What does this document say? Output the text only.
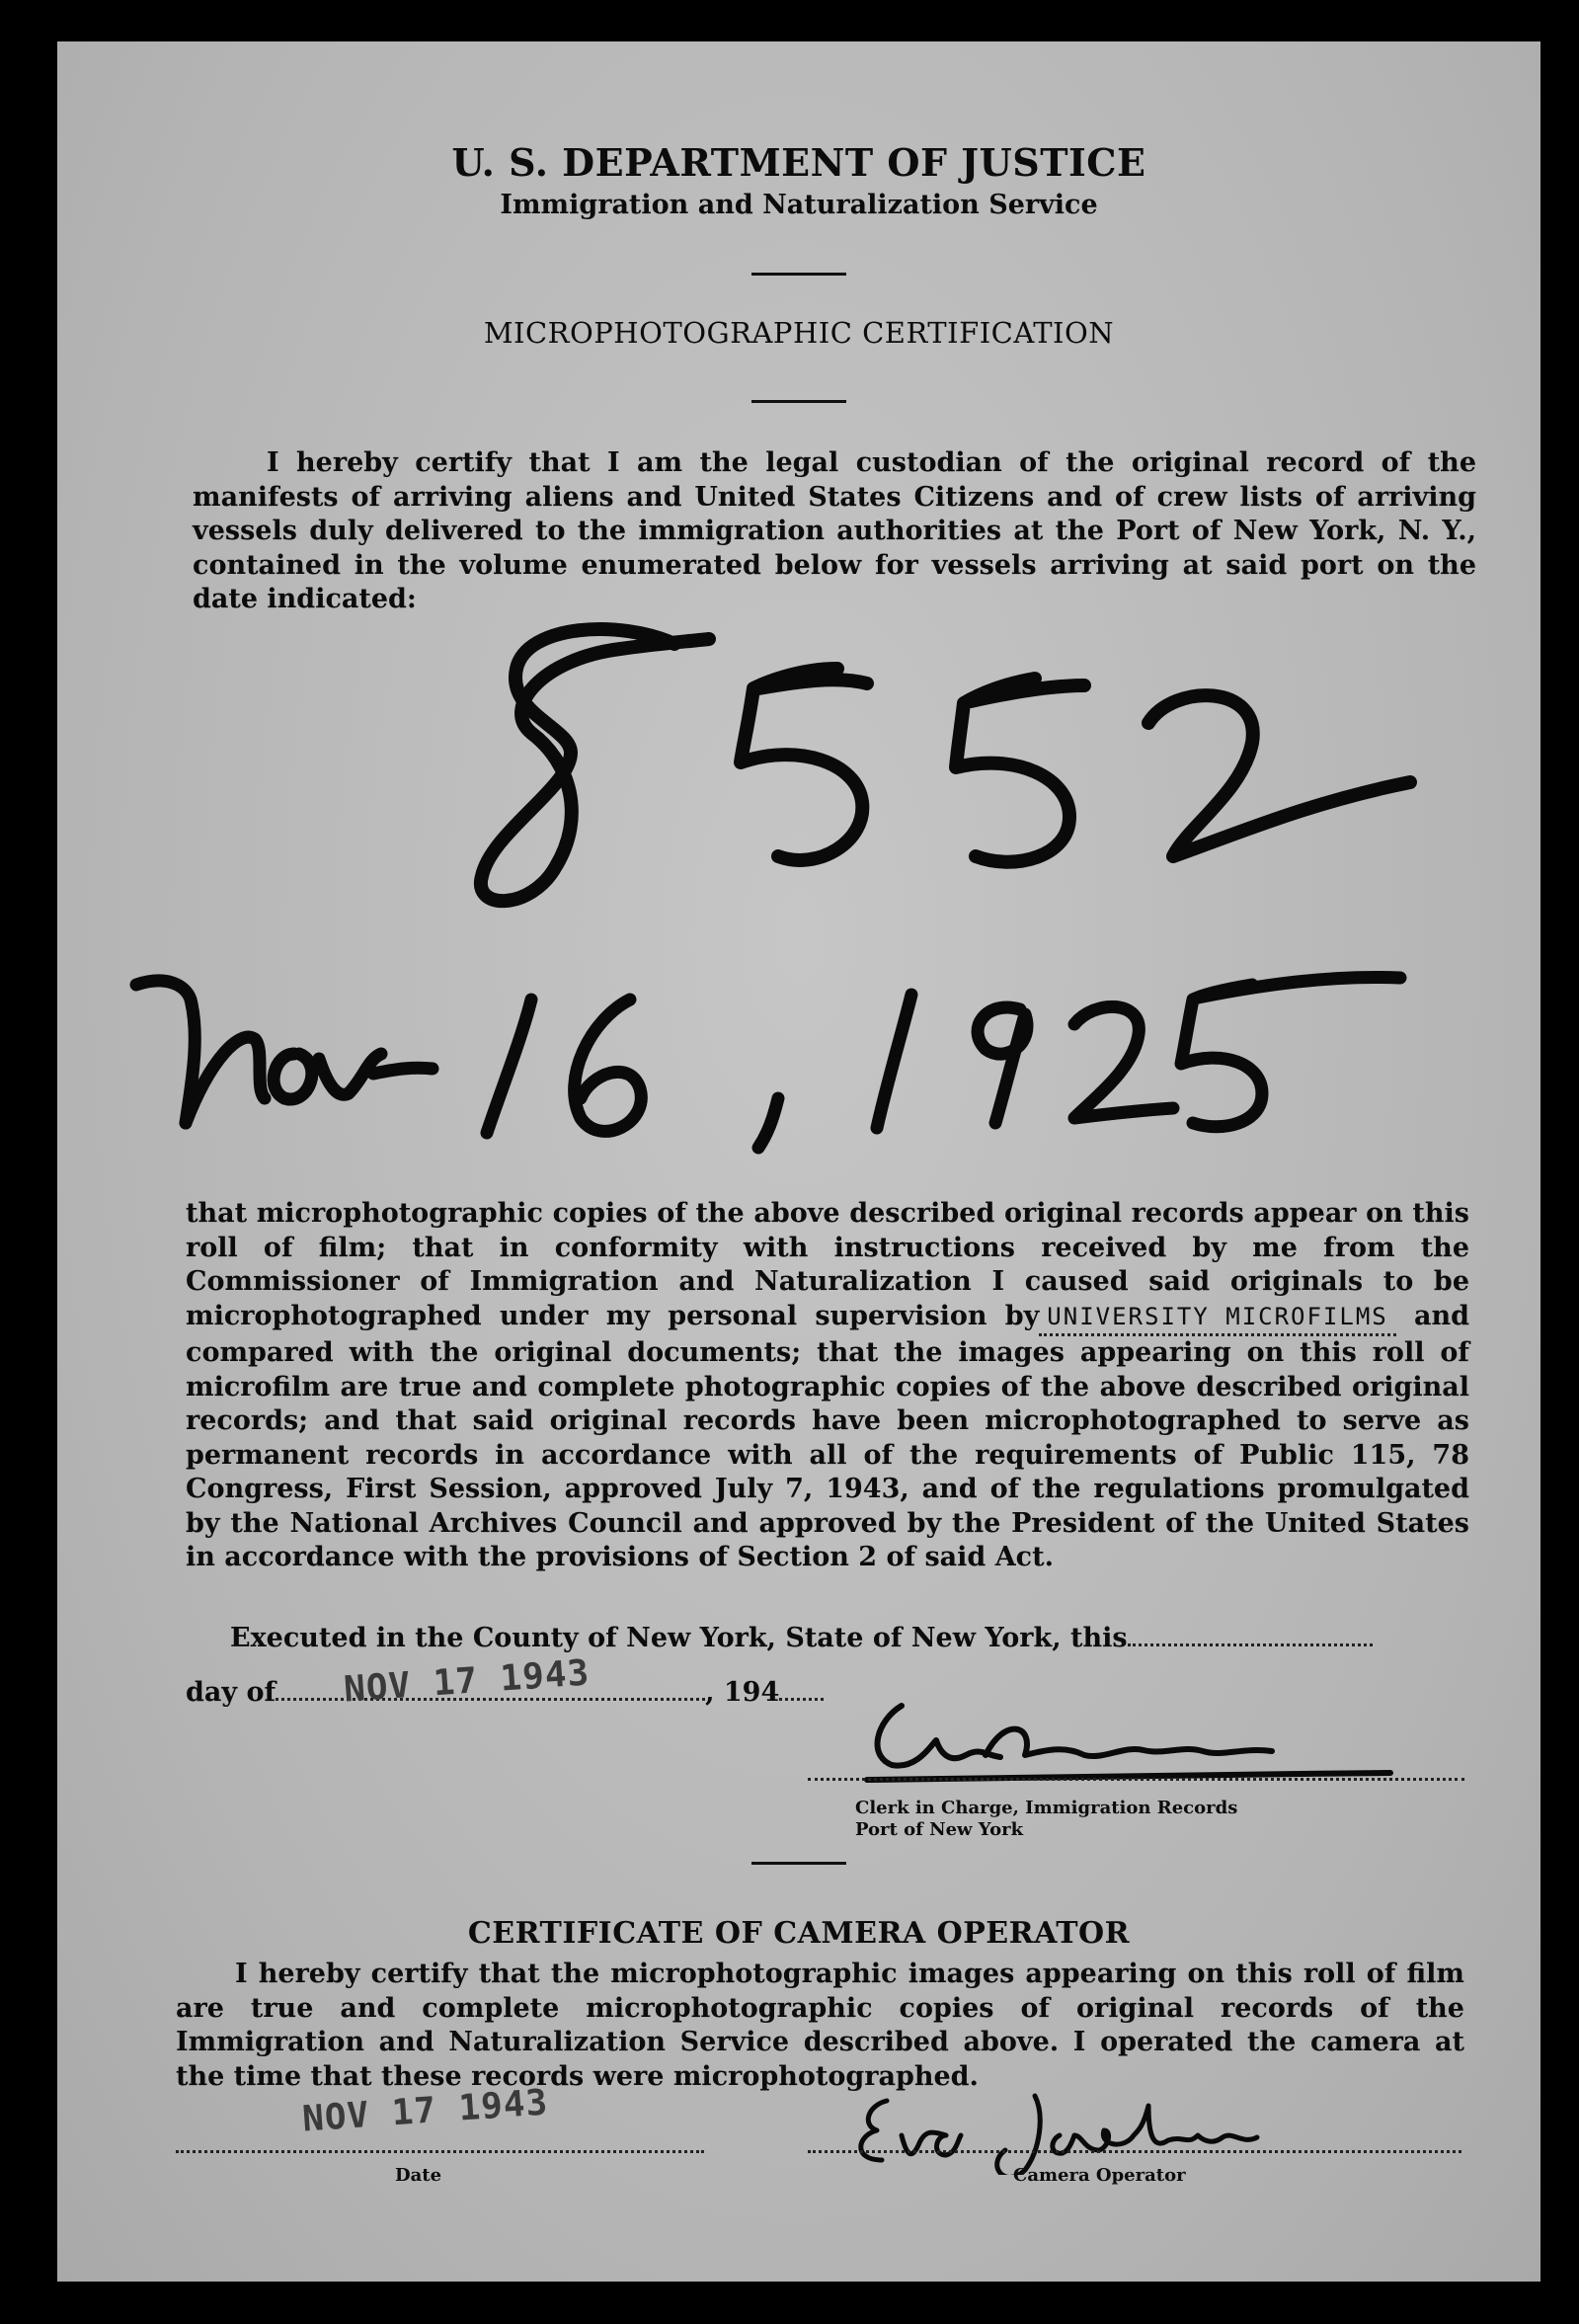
U. S. DEPARTMENT OF JUSTICE
Immigration and Naturalization Service
MICROPHOTOGRAPHIC CERTIFICATION
I hereby certify that I am the legal custodian of the original record of the manifests of arriving aliens and United States Citizens and of crew lists of arriving vessels duly delivered to the immigration authorities at the Port of New York, N. Y., contained in the volume enumerated below for vessels arriving at said port on the date indicated:
that microphotographic copies of the above described original records appear on this roll of film; that in conformity with instructions received by me from the Commissioner of Immigration and Naturalization I caused said originals to be microphotographed under my personal supervision by UNIVERSITY MICROFILMS and compared with the original documents; that the images appearing on this roll of microfilm are true and complete photographic copies of the above described original records; and that said original records have been microphotographed to serve as permanent records in accordance with all of the requirements of Public 115, 78 Congress, First Session, approved July 7, 1943, and of the regulations promulgated by the National Archives Council and approved by the President of the United States in accordance with the provisions of Section 2 of said Act.
Executed in the County of New York, State of New York, this
day of	, 194
NOV 17 1943
Clerk in Charge, Immigration Records
Port of New York
CERTIFICATE OF CAMERA OPERATOR
I hereby certify that the microphotographic images appearing on this roll of film are true and complete microphotographic copies of original records of the Immigration and Naturalization Service described above. I operated the camera at the time that these records were microphotographed.
NOV 17 1943
Date	Camera Operator
